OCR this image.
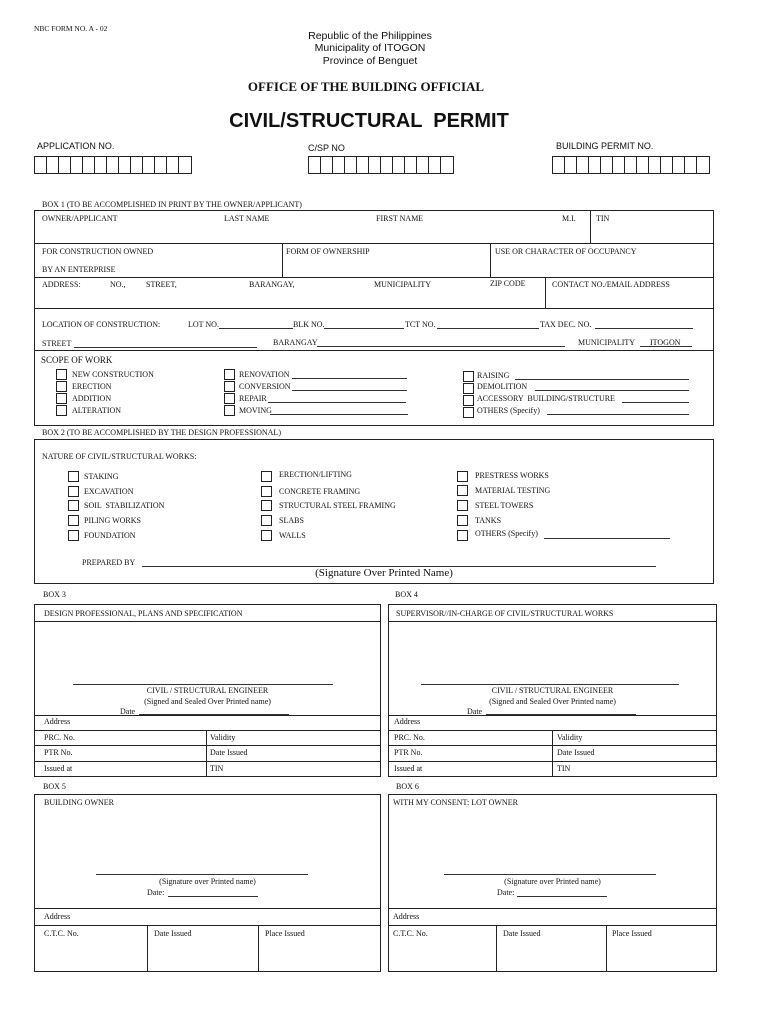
NBC FORM NO. A - 02
Republic of the Philippines
Municipality of ITOGON
Province of Benguet
OFFICE OF THE BUILDING OFFICIAL
CIVIL/STRUCTURAL  PERMIT
APPLICATION NO.	C/SP NO	BUILDING PERMIT NO.
BOX 1 (TO BE ACCOMPLISHED IN PRINT BY THE OWNER/APPLICANT)
OWNER/APPLICANT	LAST NAME	FIRST NAME	M.I.	TIN
FOR CONSTRUCTION OWNED
BY AN ENTERPRISE
FORM OF OWNERSHIP	USE OR CHARACTER OF OCCUPANCY
ADDRESS:	NO.,	STREET,	BARANGAY,	MUNICIPALITY	ZIP CODE	CONTACT NO./EMAIL ADDRESS
LOCATION OF CONSTRUCTION:	LOT NO.	BLK NO.	TCT NO.	TAX DEC. NO.
STREET	BARANGAY	MUNICIPALITY ITOGON
SCOPE OF WORK
NEW CONSTRUCTION
ERECTION
ADDITION
ALTERATION
RENOVATION
CONVERSION
REPAIR
MOVING
RAISING
DEMOLITION
ACCESSORY  BUILDING/STRUCTURE
OTHERS (Specify)
BOX 2 (TO BE ACCOMPLISHED BY THE DESIGN PROFESSIONAL)
NATURE OF CIVIL/STRUCTURAL WORKS:
STAKING
EXCAVATION
SOIL  STABILIZATION
PILING WORKS
FOUNDATION
ERECTION/LIFTING
CONCRETE FRAMING
STRUCTURAL STEEL FRAMING
SLABS
WALLS
PRESTRESS WORKS
MATERIAL TESTING
STEEL TOWERS
TANKS
OTHERS (Specify)
PREPARED BY
(Signature Over Printed Name)
BOX 3
DESIGN PROFESSIONAL, PLANS AND SPECIFICATION
CIVIL / STRUCTURAL ENGINEER
(Signed and Sealed Over Printed name)
Date
Address
PRC. No.	Validity
PTR No.	Date Issued
Issued at	TIN
BOX 4
SUPERVISOR//IN-CHARGE OF CIVIL/STRUCTURAL WORKS
CIVIL / STRUCTURAL ENGINEER
(Signed and Sealed Over Printed name)
Date
Address
PRC. No.	Validity
PTR No.	Date Issued
Issued at	TIN
BOX 5
BUILDING OWNER
(Signature over Printed name)
Date:
Address
C.T.C. No.	Date Issued	Place Issued
BOX 6
WITH MY CONSENT: LOT OWNER
(Signature over Printed name)
Date:
Address
C.T.C. No.	Date Issued	Place Issued
